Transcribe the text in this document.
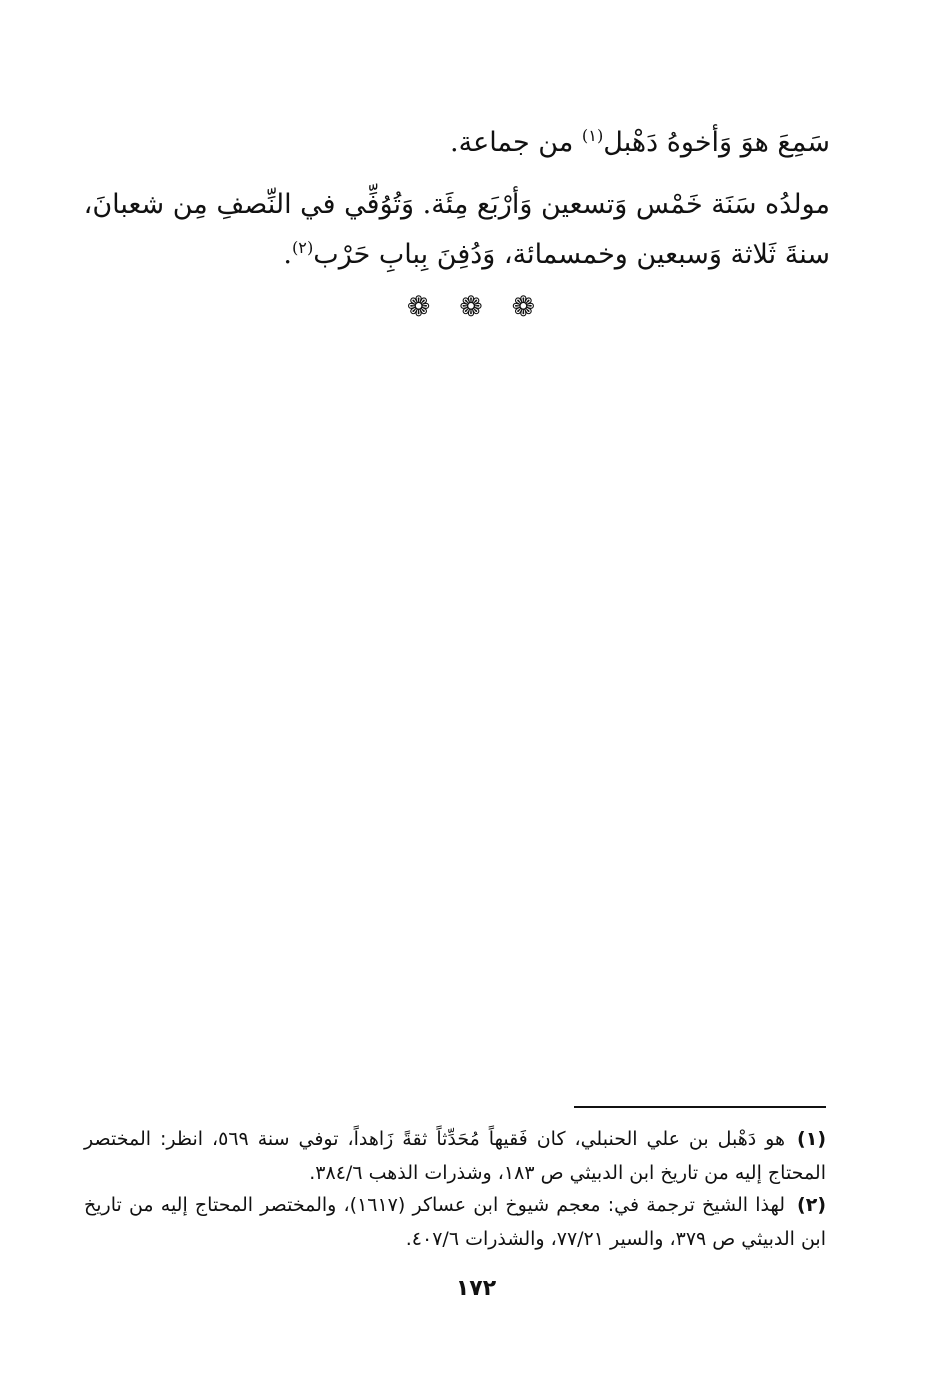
سَمِعَ هوَ وَأخوهُ دَهْبل$^{(١)}$ من جماعة.
مولدُه سَنَة خَمْس وَتسعين وَأرْبَع مِئَة. وَتُوُفِّي في النِّصفِ مِن شعبانَ،
سنةَ ثَلاثة وَسبعين وخمسمائة، وَدُفِنَ بِبابِ حَرْب$^{(٢)}$.
❁ ❁ ❁
(١)هو دَهْبل بن علي الحنبلي، كان فَقيهاً مُحَدِّثاً ثقةً زَاهداً، توفي سنة ٥٦٩، انظر: المختصر المحتاج إليه من تاريخ ابن الدبيثي ص ١٨٣، وشذرات الذهب ٣٨٤/٦.
(٢)لهذا الشيخ ترجمة في: معجم شيوخ ابن عساكر (١٦١٧)، والمختصر المحتاج إليه من تاريخ ابن الدبيثي ص ٣٧٩، والسير ٧٧/٢١، والشذرات ٤٠٧/٦.
١٧٢
